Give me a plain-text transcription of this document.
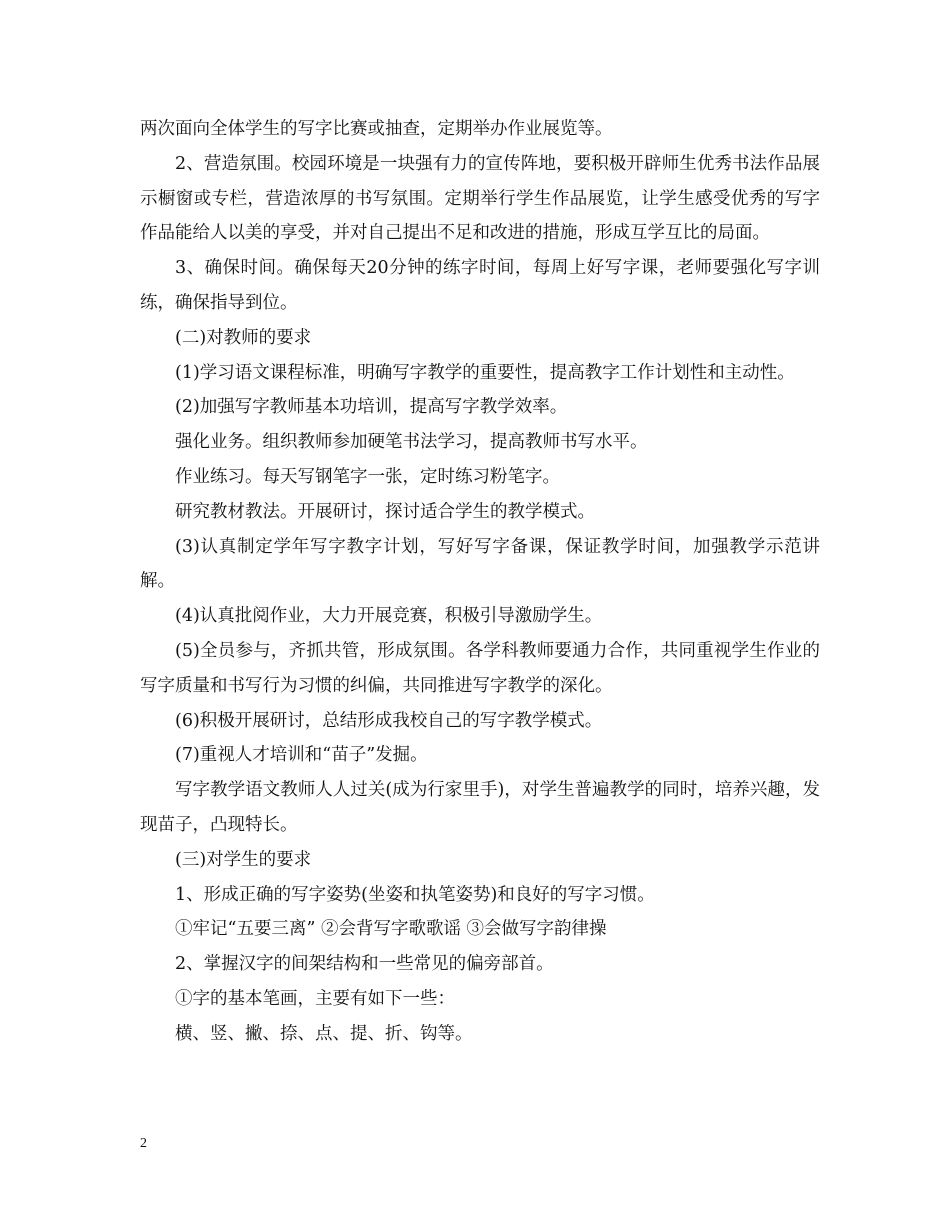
两次面向全体学生的写字比赛或抽查，定期举办作业展览等。

2、营造氛围。校园环境是一块强有力的宣传阵地，要积极开辟师生优秀书法作品展示橱窗或专栏，营造浓厚的书写氛围。定期举行学生作品展览，让学生感受优秀的写字作品能给人以美的享受，并对自己提出不足和改进的措施，形成互学互比的局面。

3、确保时间。确保每天20分钟的练字时间，每周上好写字课，老师要强化写字训练，确保指导到位。

(二)对教师的要求

(1)学习语文课程标准，明确写字教学的重要性，提高教字工作计划性和主动性。

(2)加强写字教师基本功培训，提高写字教学效率。

强化业务。组织教师参加硬笔书法学习，提高教师书写水平。

作业练习。每天写钢笔字一张，定时练习粉笔字。

研究教材教法。开展研讨，探讨适合学生的教学模式。

(3)认真制定学年写字教字计划，写好写字备课，保证教学时间，加强教学示范讲解。

(4)认真批阅作业，大力开展竞赛，积极引导激励学生。

(5)全员参与，齐抓共管，形成氛围。各学科教师要通力合作，共同重视学生作业的写字质量和书写行为习惯的纠偏，共同推进写字教学的深化。

(6)积极开展研讨，总结形成我校自己的写字教学模式。

(7)重视人才培训和“苗子”发掘。

写字教学语文教师人人过关(成为行家里手)，对学生普遍教学的同时，培养兴趣，发现苗子，凸现特长。

(三)对学生的要求

1、形成正确的写字姿势(坐姿和执笔姿势)和良好的写字习惯。

①牢记“五要三离” ②会背写字歌歌谣 ③会做写字韵律操

2、掌握汉字的间架结构和一些常见的偏旁部首。

①字的基本笔画，主要有如下一些：

横、竖、撇、捺、点、提、折、钩等。

2
